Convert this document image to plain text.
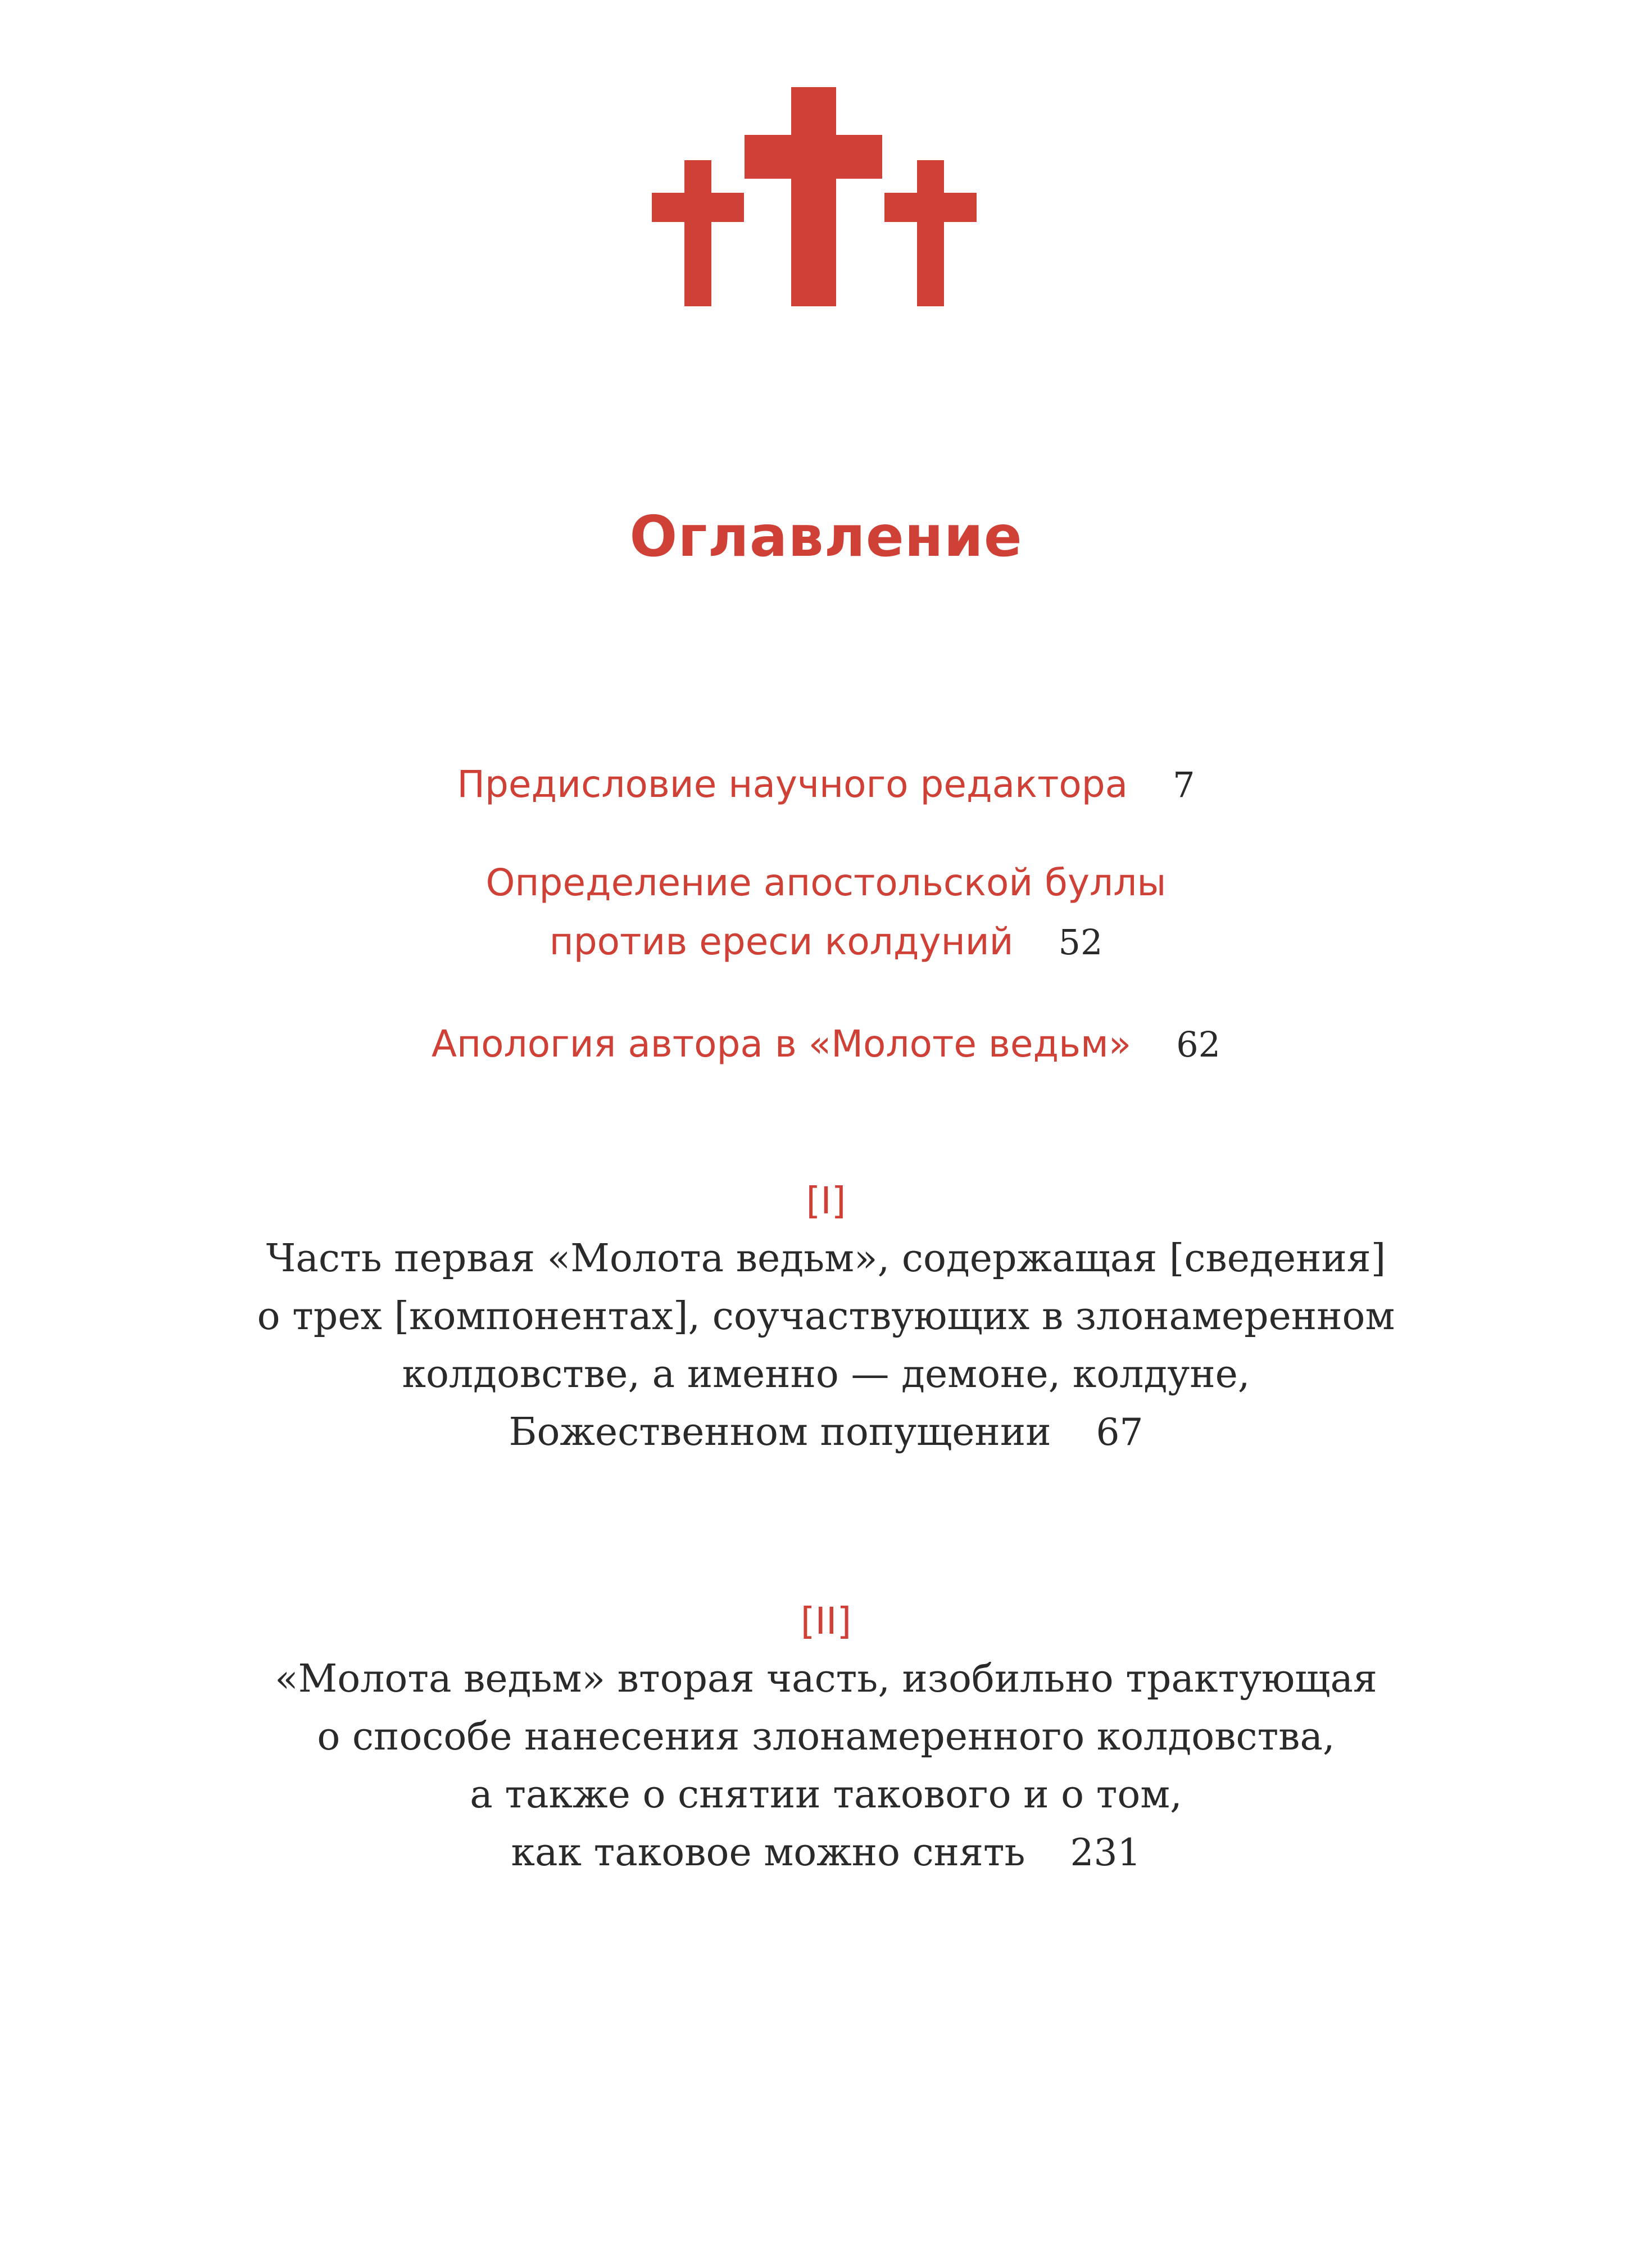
Оглавление
Предисловие научного редактора 7
Определение апостольской буллы
против ереси колдуний 52
Апология автора в «Молоте ведьм» 62
[I]
Часть первая «Молота ведьм», содержащая [сведения]
о трех [компонентах], соучаствующих в злонамеренном
колдовстве, а именно — демоне, колдуне,
Божественном попущении 67
[II]
«Молота ведьм» вторая часть, изобильно трактующая
о способе нанесения злонамеренного колдовства,
а также о снятии такового и о том,
как таковое можно снять 231
